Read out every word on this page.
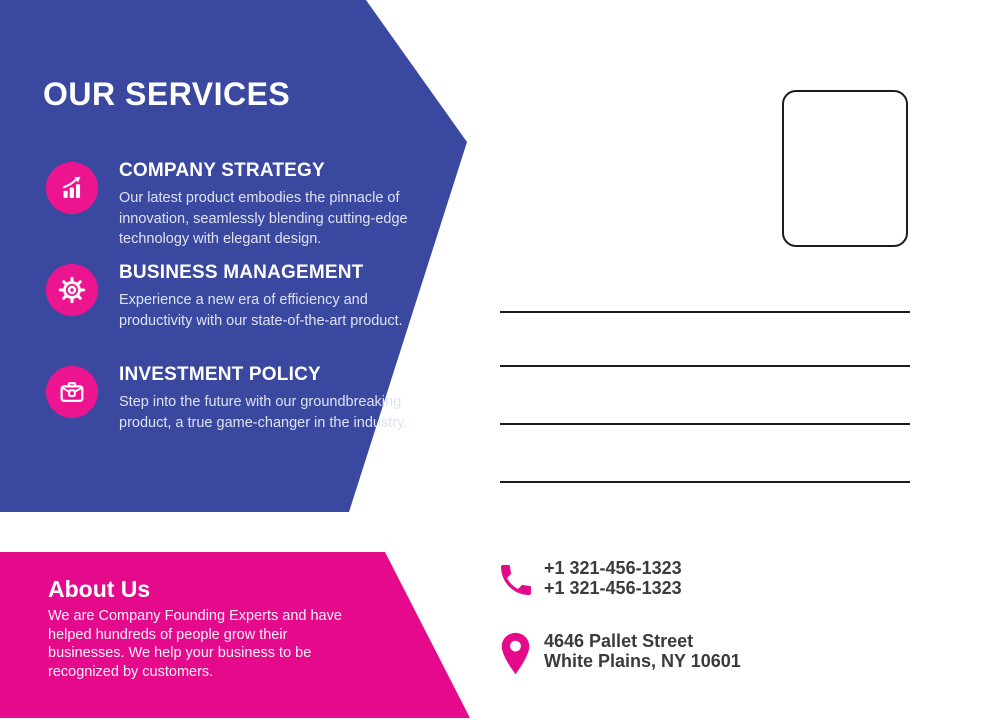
OUR SERVICES
COMPANY STRATEGY

Our latest product embodies the pinnacle of innovation, seamlessly blending cutting-edge technology with elegant design.

BUSINESS MANAGEMENT

Experience a new era of efficiency and productivity with our state-of-the-art product.

INVESTMENT POLICY

Step into the future with our groundbreaking product, a true game-changer in the industry.

About Us
We are Company Founding Experts and have helped hundreds of people grow their businesses. We help your business to be recognized by customers.
+1 321-456-1323
+1 321-456-1323
4646 Pallet Street
White Plains, NY 10601
